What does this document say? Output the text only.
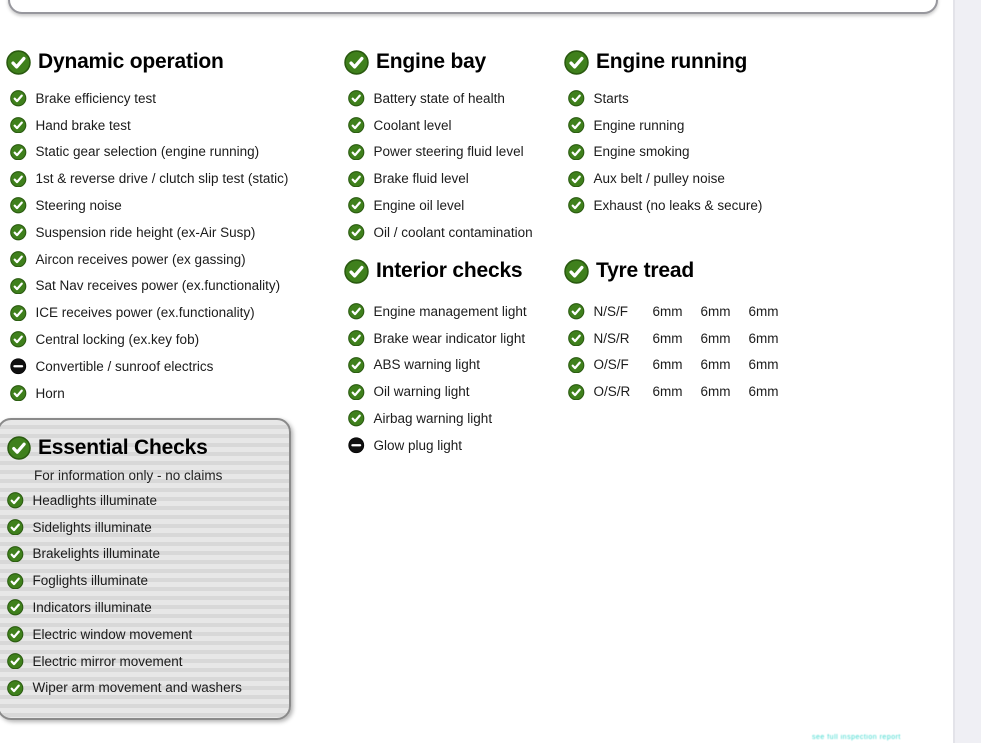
Dynamic operation
Brake efficiency test
Hand brake test
Static gear selection (engine running)
1st & reverse drive / clutch slip test (static)
Steering noise
Suspension ride height (ex-Air Susp)
Aircon receives power (ex gassing)
Sat Nav receives power (ex.functionality)
ICE receives power (ex.functionality)
Central locking (ex.key fob)
Convertible / sunroof electrics
Horn
Engine bay
Battery state of health
Coolant level
Power steering fluid level
Brake fluid level
Engine oil level
Oil / coolant contamination
Engine running
Starts
Engine running
Engine smoking
Aux belt / pulley noise
Exhaust (no leaks & secure)
Interior checks
Engine management light
Brake wear indicator light
ABS warning light
Oil warning light
Airbag warning light
Glow plug light
Tyre tread
N/S/F	6mm 6mm 6mm
N/S/R	6mm 6mm 6mm
O/S/F	6mm 6mm 6mm
O/S/R	6mm 6mm 6mm
Essential Checks

For information only - no claims

Headlights illuminate
Sidelights illuminate
Brakelights illuminate
Foglights illuminate
Indicators illuminate
Electric window movement
Electric mirror movement
Wiper arm movement and washers
see full inspection report
